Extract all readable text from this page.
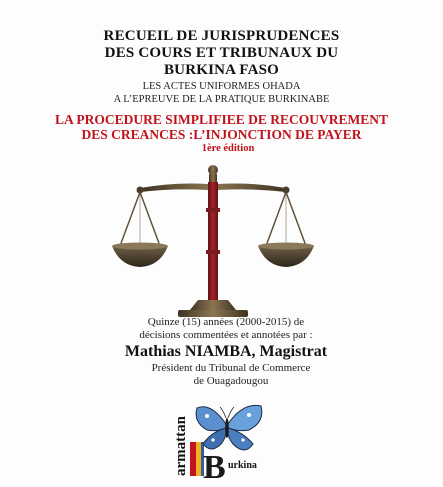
RECUEIL DE JURISPRUDENCES
DES COURS ET TRIBUNAUX DU
BURKINA FASO
LES ACTES UNIFORMES OHADA
A L’EPREUVE DE LA PRATIQUE BURKINABE
LA PROCEDURE SIMPLIFIEE DE RECOUVREMENT
DES CREANCES :L’INJONCTION DE PAYER
1ère édition
Quinze (15) années (2000-2015) de
décisions commentées et annotées par :
Mathias NIAMBA, Magistrat
Président du Tribunal de Commerce
de Ouagadougou
armattan B urkina
